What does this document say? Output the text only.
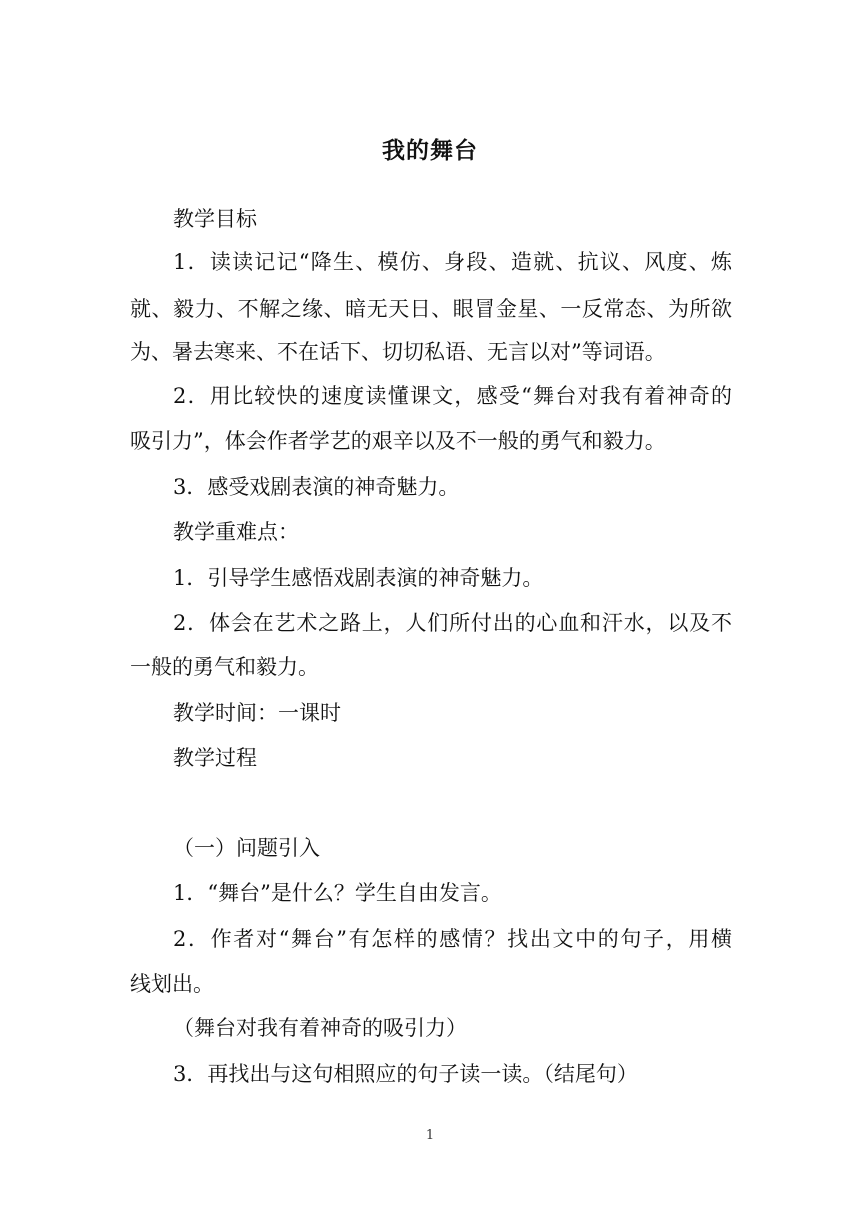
我的舞台
教学目标
1．读读记记“降生、模仿、身段、造就、抗议、风度、炼
就、毅力、不解之缘、暗无天日、眼冒金星、一反常态、为所欲
为、暑去寒来、不在话下、切切私语、无言以对”等词语。
2．用比较快的速度读懂课文，感受“舞台对我有着神奇的
吸引力”，体会作者学艺的艰辛以及不一般的勇气和毅力。
3．感受戏剧表演的神奇魅力。
教学重难点：
1．引导学生感悟戏剧表演的神奇魅力。
2．体会在艺术之路上，人们所付出的心血和汗水，以及不
一般的勇气和毅力。
教学时间：一课时
教学过程
（一）问题引入
1．“舞台”是什么？学生自由发言。
2．作者对“舞台”有怎样的感情？找出文中的句子，用横
线划出。
（舞台对我有着神奇的吸引力）
3．再找出与这句相照应的句子读一读。（结尾句）
1
